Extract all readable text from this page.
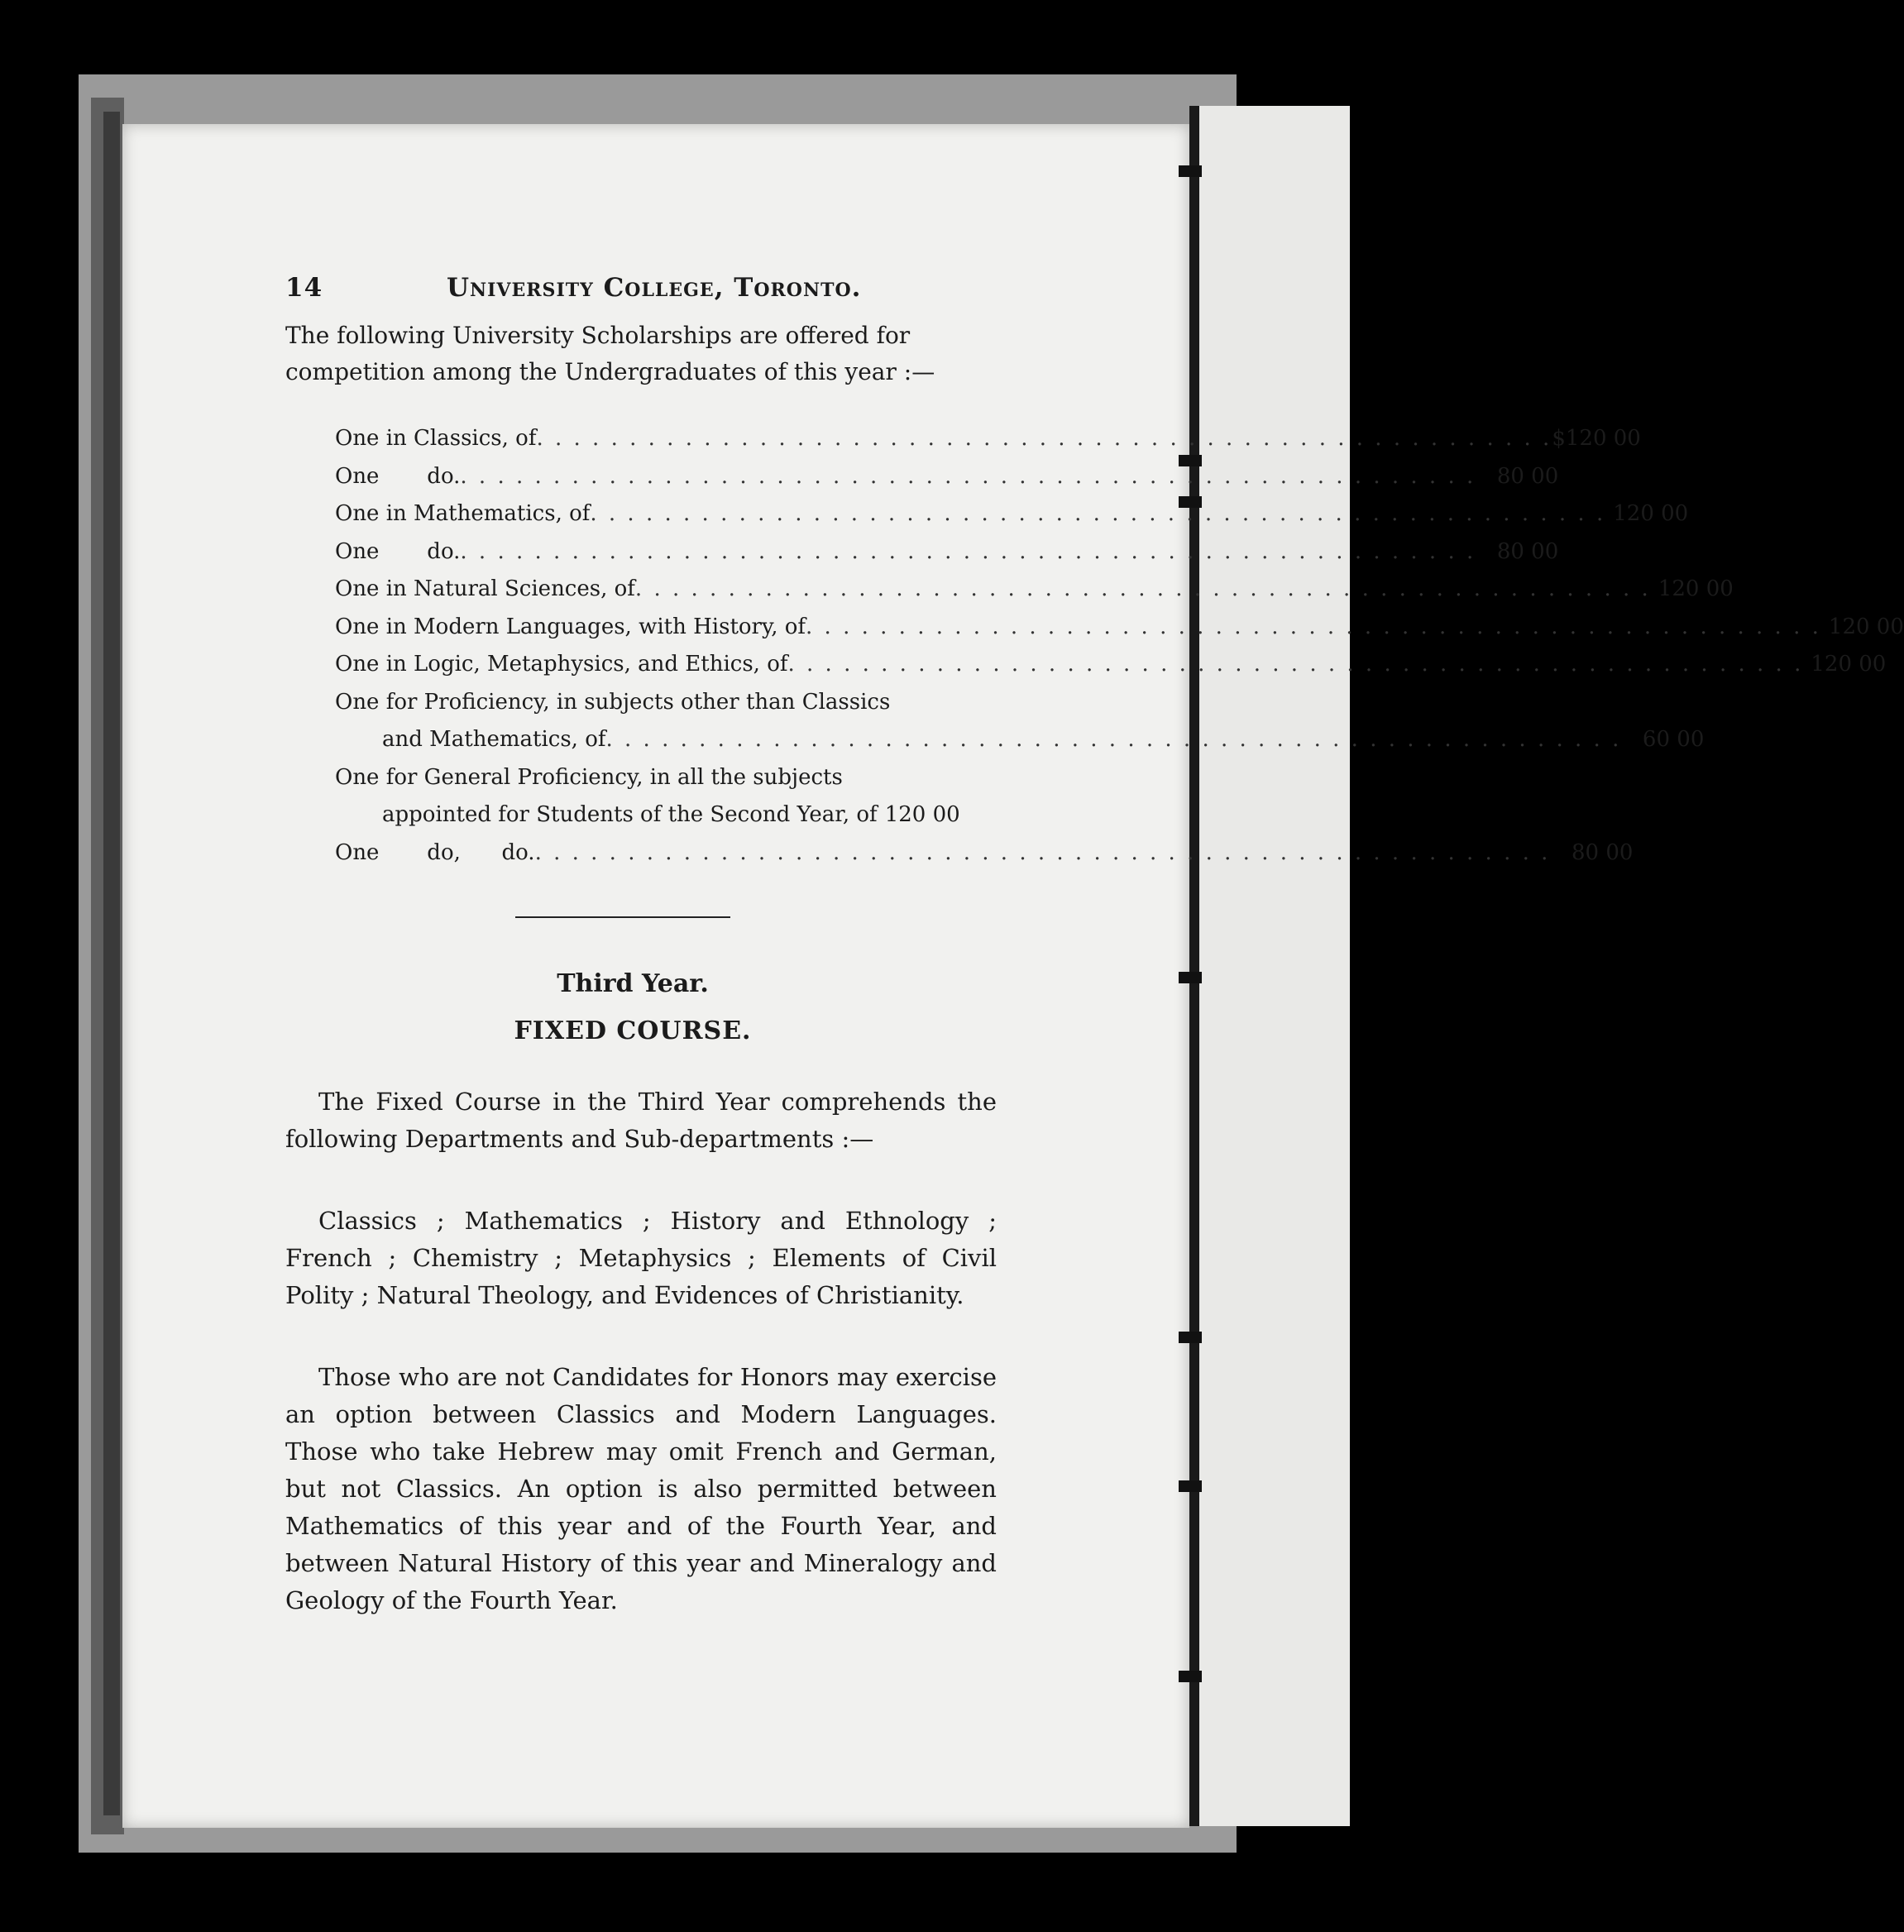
14	University College, Toronto.

The following University Scholarships are offered for competition among the Undergraduates of this year :—

One in Classics, of . . . . . . . . . . . . . . . . . . . . . . . . . . . . . . . . . . . . . . . . . . . . . . . . . . . . . . . $120 00
One       do. . . . . . . . . . . . . . . . . . . . . . . . . . . . . . . . . . . . . . . . . . . . . . . . . . . . . . . . 80 00
One in Mathematics, of . . . . . . . . . . . . . . . . . . . . . . . . . . . . . . . . . . . . . . . . . . . . . . . . . . . . . . . 120 00
One       do. . . . . . . . . . . . . . . . . . . . . . . . . . . . . . . . . . . . . . . . . . . . . . . . . . . . . . . . 80 00
One in Natural Sciences, of . . . . . . . . . . . . . . . . . . . . . . . . . . . . . . . . . . . . . . . . . . . . . . . . . . . . . . . 120 00
One in Modern Languages, with History, of . . . . . . . . . . . . . . . . . . . . . . . . . . . . . . . . . . . . . . . . . . . . . . . . . . . . . . . 120 00
One in Logic, Metaphysics, and Ethics, of . . . . . . . . . . . . . . . . . . . . . . . . . . . . . . . . . . . . . . . . . . . . . . . . . . . . . . . 120 00
One for Proficiency, in subjects other than Classics
and Mathematics, of . . . . . . . . . . . . . . . . . . . . . . . . . . . . . . . . . . . . . . . . . . . . . . . . . . . . . . . 60 00
One for General Proficiency, in all the subjects
appointed for Students of the Second Year, of 120 00
One       do,      do. . . . . . . . . . . . . . . . . . . . . . . . . . . . . . . . . . . . . . . . . . . . . . . . . . . . . . . . 80 00
Third Year.
FIXED COURSE.

The Fixed Course in the Third Year comprehends the following Departments and Sub-departments :—

Classics ; Mathematics ; History and Ethnology ; French ; Chemistry ; Metaphysics ; Elements of Civil Polity ; Natural Theology, and Evidences of Christianity.

Those who are not Candidates for Honors may exercise an option between Classics and Modern Languages. Those who take Hebrew may omit French and German, but not Classics. An option is also permitted between Mathematics of this year and of the Fourth Year, and between Natural History of this year and Mineralogy and Geology of the Fourth Year.
